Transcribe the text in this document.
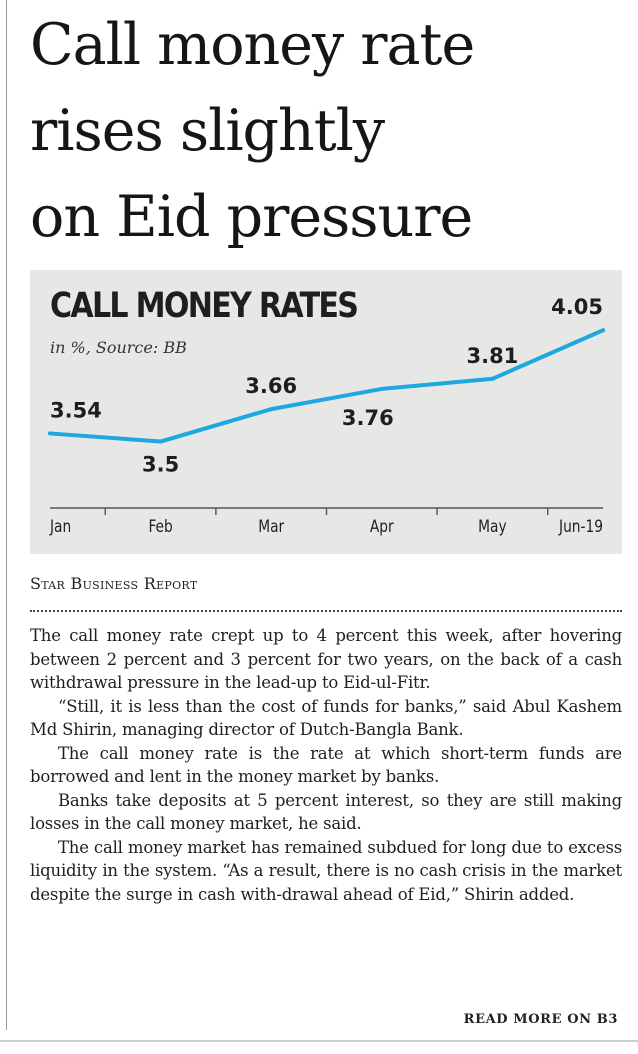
Call money rate
rises slightly
on Eid pressure
Jan	Feb	Mar	Apr	May	Jun-19
3.54
3.5
3.66
3.76
3.81
4.05
CALL MONEY RATES
in %, Source: BB
Star Business Report

The call money rate crept up to 4 percent this week, after hovering between 2 percent and 3 percent for two years, on the back of a cash withdrawal pressure in the lead-up to Eid-ul-Fitr.

“Still, it is less than the cost of funds for banks,” said Abul Kashem Md Shirin, managing director of Dutch-Bangla Bank.

The call money rate is the rate at which short-term funds are borrowed and lent in the money market by banks.

Banks take deposits at 5 percent interest, so they are still making losses in the call money market, he said.

The call money market has remained subdued for long due to excess liquidity in the system. “As a result, there is no cash crisis in the market despite the surge in cash with-drawal ahead of Eid,” Shirin added.

READ MORE ON B3
